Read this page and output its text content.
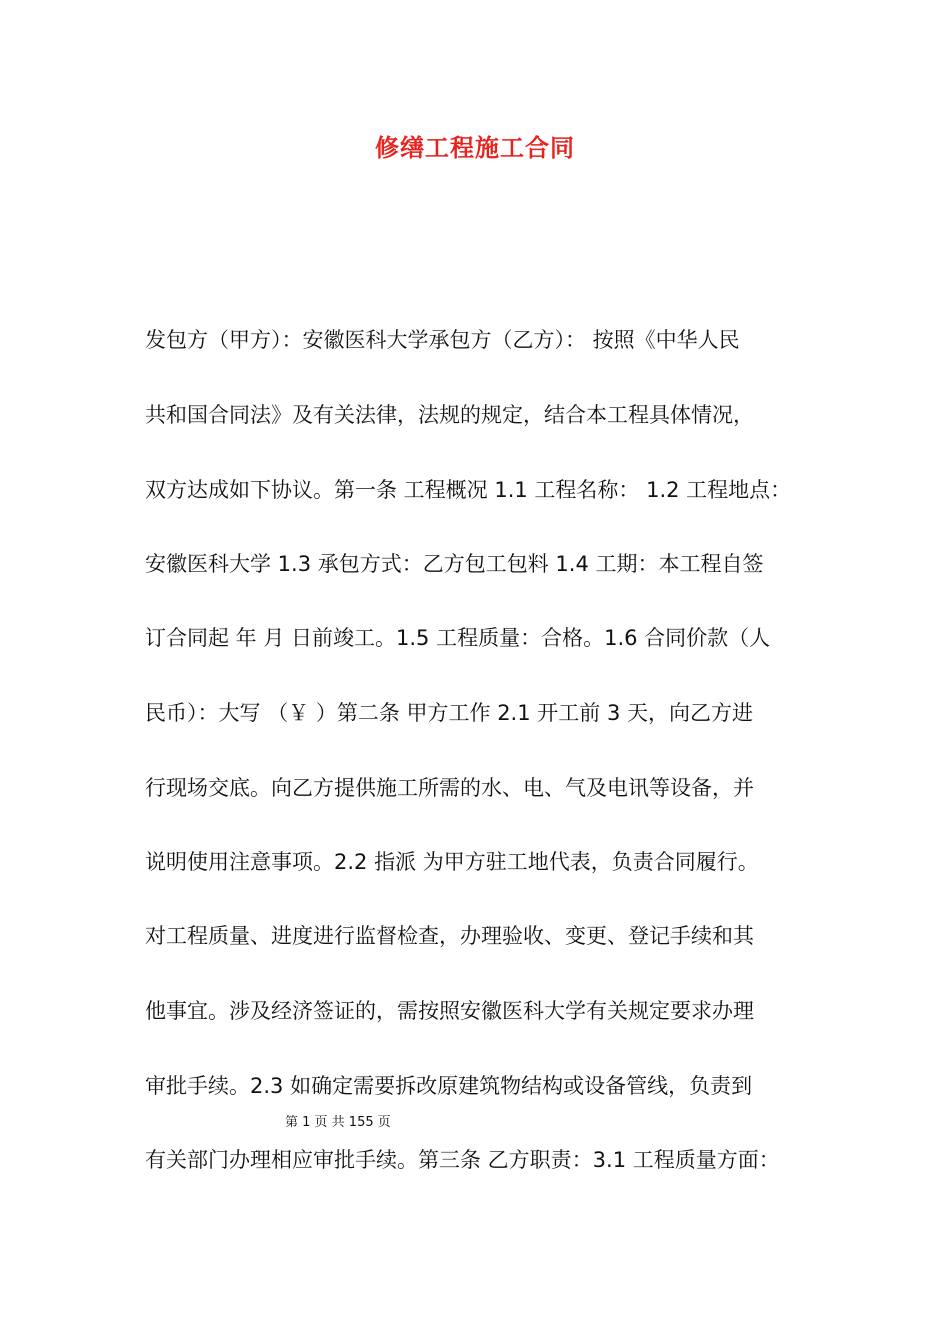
修缮工程施工合同
发包方（甲方）：安徽医科大学承包方（乙方）： 按照《中华人民
共和国合同法》及有关法律，法规的规定，结合本工程具体情况，
双方达成如下协议。第一条 工程概况 1.1 工程名称： 1.2 工程地点：
安徽医科大学 1.3 承包方式：乙方包工包料 1.4 工期：本工程自签
订合同起 年 月 日前竣工。1.5 工程质量：合格。1.6 合同价款（人
民币）：大写 （￥ ）第二条 甲方工作 2.1 开工前 3 天，向乙方进
行现场交底。向乙方提供施工所需的水、电、气及电讯等设备，并
说明使用注意事项。2.2 指派 为甲方驻工地代表，负责合同履行。
对工程质量、进度进行监督检查，办理验收、变更、登记手续和其
他事宜。涉及经济签证的，需按照安徽医科大学有关规定要求办理
审批手续。2.3 如确定需要拆改原建筑物结构或设备管线，负责到
第 1 页 共 155 页
有关部门办理相应审批手续。第三条 乙方职责：3.1 工程质量方面：
